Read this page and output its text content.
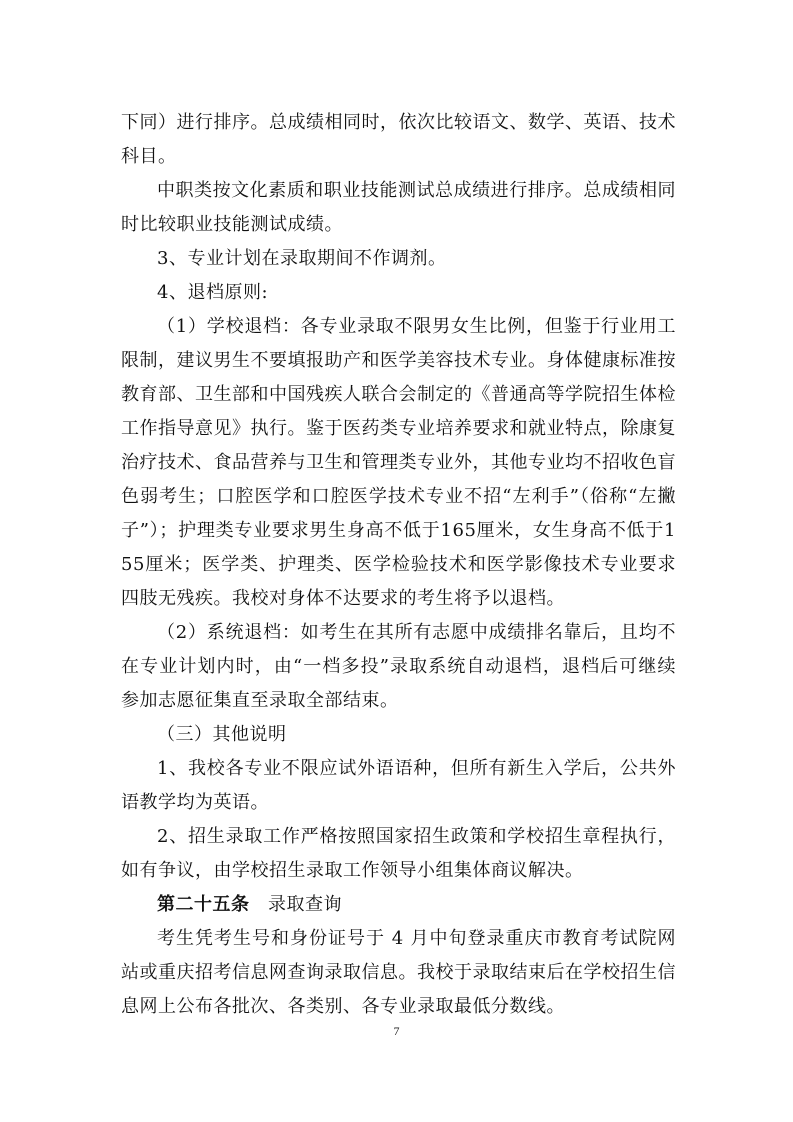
下同）进行排序。总成绩相同时，依次比较语文、数学、英语、技术科目。

中职类按文化素质和职业技能测试总成绩进行排序。总成绩相同时比较职业技能测试成绩。

3、专业计划在录取期间不作调剂。

4、退档原则:

（1）学校退档：各专业录取不限男女生比例，但鉴于行业用工限制，建议男生不要填报助产和医学美容技术专业。身体健康标准按教育部、卫生部和中国残疾人联合会制定的《普通高等学院招生体检工作指导意见》执行。鉴于医药类专业培养要求和就业特点，除康复治疗技术、食品营养与卫生和管理类专业外，其他专业均不招收色盲色弱考生；口腔医学和口腔医学技术专业不招“左利手”（俗称“左撇子”）；护理类专业要求男生身高不低于165厘米，女生身高不低于155厘米；医学类、护理类、医学检验技术和医学影像技术专业要求四肢无残疾。我校对身体不达要求的考生将予以退档。

（2）系统退档：如考生在其所有志愿中成绩排名靠后，且均不在专业计划内时，由“一档多投”录取系统自动退档，退档后可继续参加志愿征集直至录取全部结束。

（三）其他说明

1、我校各专业不限应试外语语种，但所有新生入学后，公共外语教学均为英语。

2、招生录取工作严格按照国家招生政策和学校招生章程执行，如有争议，由学校招生录取工作领导小组集体商议解决。

第二十五条  录取查询

考生凭考生号和身份证号于 4 月中旬登录重庆市教育考试院网站或重庆招考信息网查询录取信息。我校于录取结束后在学校招生信息网上公布各批次、各类别、各专业录取最低分数线。

7
